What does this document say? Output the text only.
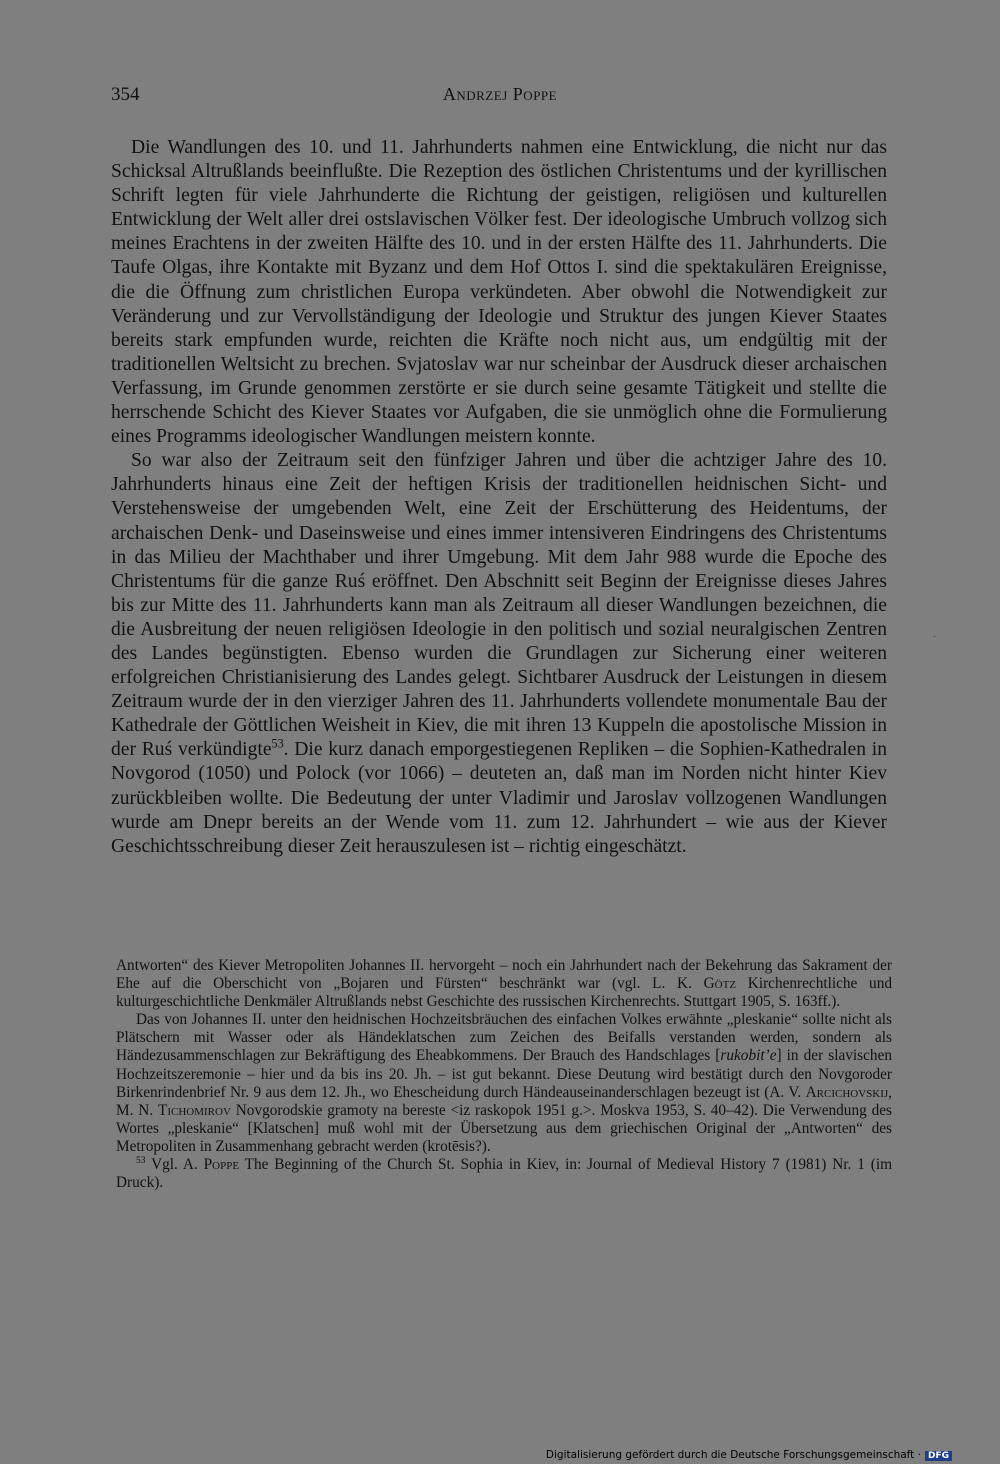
354	Andrzej Poppe

Die Wandlungen des 10. und 11. Jahrhunderts nahmen eine Entwicklung, die nicht nur das Schicksal Altrußlands beeinflußte. Die Rezeption des östlichen Christentums und der kyrillischen Schrift legten für viele Jahrhunderte die Richtung der geistigen, religiösen und kulturellen Entwicklung der Welt aller drei ostslavischen Völker fest. Der ideologische Umbruch vollzog sich meines Erachtens in der zweiten Hälfte des 10. und in der ersten Hälfte des 11. Jahrhunderts. Die Taufe Olgas, ihre Kontakte mit Byzanz und dem Hof Ottos I. sind die spektakulären Ereignisse, die die Öffnung zum christlichen Europa verkündeten. Aber obwohl die Notwendigkeit zur Veränderung und zur Vervollständigung der Ideologie und Struktur des jungen Kiever Staates bereits stark empfunden wurde, reichten die Kräfte noch nicht aus, um endgültig mit der traditionellen Weltsicht zu brechen. Svjatoslav war nur scheinbar der Ausdruck dieser archaischen Verfassung, im Grunde genommen zerstörte er sie durch seine gesamte Tätigkeit und stellte die herrschende Schicht des Kiever Staates vor Aufgaben, die sie unmöglich ohne die Formulierung eines Programms ideologischer Wandlungen meistern konnte.

So war also der Zeitraum seit den fünfziger Jahren und über die achtziger Jahre des 10. Jahrhunderts hinaus eine Zeit der heftigen Krisis der traditionellen heidnischen Sicht- und Verstehensweise der umgebenden Welt, eine Zeit der Erschütterung des Heidentums, der archaischen Denk- und Daseinsweise und eines immer intensiveren Eindringens des Christentums in das Milieu der Machthaber und ihrer Umgebung. Mit dem Jahr 988 wurde die Epoche des Christentums für die ganze Ruś eröffnet. Den Abschnitt seit Beginn der Ereignisse dieses Jahres bis zur Mitte des 11. Jahrhunderts kann man als Zeitraum all dieser Wandlungen bezeichnen, die die Ausbreitung der neuen religiösen Ideologie in den politisch und sozial neuralgischen Zentren des Landes begünstigten. Ebenso wurden die Grundlagen zur Sicherung einer weiteren erfolgreichen Christianisierung des Landes gelegt. Sichtbarer Ausdruck der Leistungen in diesem Zeitraum wurde der in den vierziger Jahren des 11. Jahrhunderts vollendete monumentale Bau der Kathedrale der Göttlichen Weisheit in Kiev, die mit ihren 13 Kuppeln die apostolische Mission in der Ruś verkündigte$^{53}$. Die kurz danach emporgestiegenen Repliken – die Sophien-Kathedralen in Novgorod (1050) und Polock (vor 1066) – deuteten an, daß man im Norden nicht hinter Kiev zurückbleiben wollte. Die Bedeutung der unter Vladimir und Jaroslav vollzogenen Wandlungen wurde am Dnepr bereits an der Wende vom 11. zum 12. Jahrhundert – wie aus der Kiever Geschichtsschreibung dieser Zeit herauszulesen ist – richtig eingeschätzt.

·

Antworten“ des Kiever Metropoliten Johannes II. hervorgeht – noch ein Jahrhundert nach der Bekehrung das Sakrament der Ehe auf die Oberschicht von „Bojaren und Fürsten“ beschränkt war (vgl. L. K. Götz Kirchenrechtliche und kulturgeschichtliche Denkmäler Altrußlands nebst Geschichte des russischen Kirchenrechts. Stuttgart 1905, S. 163ff.).

Das von Johannes II. unter den heidnischen Hochzeitsbräuchen des einfachen Volkes erwähnte „pleskanie“ sollte nicht als Plätschern mit Wasser oder als Händeklatschen zum Zeichen des Beifalls verstanden werden, sondern als Händezusammenschlagen zur Bekräftigung des Eheabkommens. Der Brauch des Handschlages [rukobit’e] in der slavischen Hochzeitszeremonie – hier und da bis ins 20. Jh. – ist gut bekannt. Diese Deutung wird bestätigt durch den Novgoroder Birkenrindenbrief Nr. 9 aus dem 12. Jh., wo Ehescheidung durch Händeauseinanderschlagen bezeugt ist (A. V. Arcichovskij, M. N. Tichomirov Novgorodskie gramoty na bereste <iz raskopok 1951 g.>. Moskva 1953, S. 40–42). Die Verwendung des Wortes „pleskanie“ [Klatschen] muß wohl mit der Übersetzung aus dem griechischen Original der „Antworten“ des Metropoliten in Zusammenhang gebracht werden (krotēsis?).

$^{53}$ Vgl. A. Poppe The Beginning of the Church St. Sophia in Kiev, in: Journal of Medieval History 7 (1981) Nr. 1 (im Druck).

Digitalisierung gefördert durch die Deutsche Forschungsgemeinschaft · DFG
